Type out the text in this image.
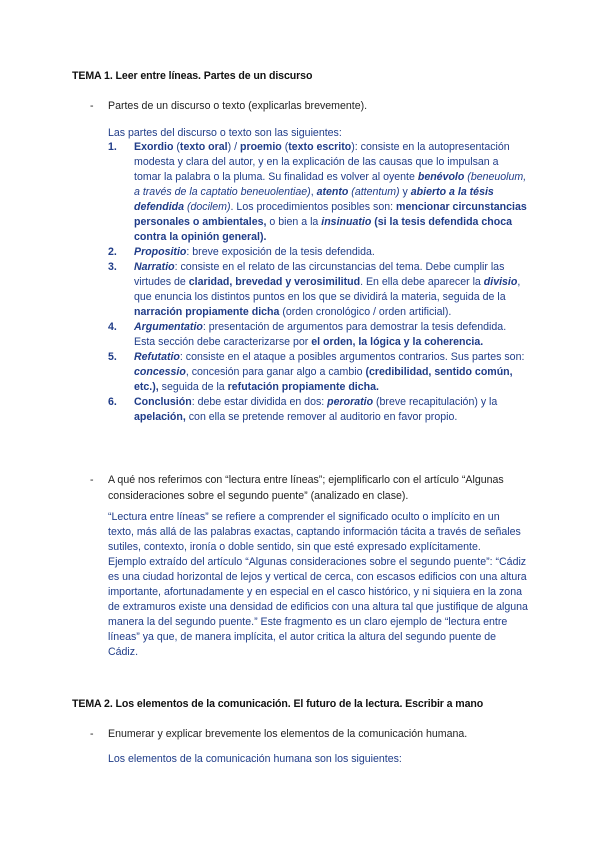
TEMA 1. Leer entre líneas. Partes de un discurso
- Partes de un discurso o texto (explicarlas brevemente).
Las partes del discurso o texto son las siguientes:
1. Exordio (texto oral) / proemio (texto escrito): consiste en la autopresentación modesta y clara del autor, y en la explicación de las causas que lo impulsan a tomar la palabra o la pluma. Su finalidad es volver al oyente benévolo (beneuolum, a través de la captatio beneuolentiae), atento (attentum) y abierto a la tésis defendida (docilem). Los procedimientos posibles son: mencionar circunstancias personales o ambientales, o bien a la insinuatio (si la tesis defendida choca contra la opinión general).
2. Propositio: breve exposición de la tesis defendida.
3. Narratio: consiste en el relato de las circunstancias del tema. Debe cumplir las virtudes de claridad, brevedad y verosimilitud. En ella debe aparecer la divisio, que enuncia los distintos puntos en los que se dividirá la materia, seguida de la narración propiamente dicha (orden cronológico / orden artificial).
4. Argumentatio: presentación de argumentos para demostrar la tesis defendida. Esta sección debe caracterizarse por el orden, la lógica y la coherencia.
5. Refutatio: consiste en el ataque a posibles argumentos contrarios. Sus partes son: concessio, concesión para ganar algo a cambio (credibilidad, sentido común, etc.), seguida de la refutación propiamente dicha.
6. Conclusión: debe estar dividida en dos: peroratio (breve recapitulación) y la apelación, con ella se pretende remover al auditorio en favor propio.
- A qué nos referimos con “lectura entre líneas”; ejemplificarlo con el artículo “Algunas consideraciones sobre el segundo puente” (analizado en clase).

“Lectura entre líneas” se refiere a comprender el significado oculto o implícito en un texto, más allá de las palabras exactas, captando información tácita a través de señales sutiles, contexto, ironía o doble sentido, sin que esté expresado explícitamente.

Ejemplo extraído del artículo “Algunas consideraciones sobre el segundo puente”: “Cádiz es una ciudad horizontal de lejos y vertical de cerca, con escasos edificios con una altura importante, afortunadamente y en especial en el casco histórico, y ni siquiera en la zona de extramuros existe una densidad de edificios con una altura tal que justifique de alguna manera la del segundo puente.” Este fragmento es un claro ejemplo de “lectura entre líneas” ya que, de manera implícita, el autor critica la altura del segundo puente de Cádiz.

TEMA 2. Los elementos de la comunicación. El futuro de la lectura. Escribir a mano
- Enumerar y explicar brevemente los elementos de la comunicación humana.
Los elementos de la comunicación humana son los siguientes:
